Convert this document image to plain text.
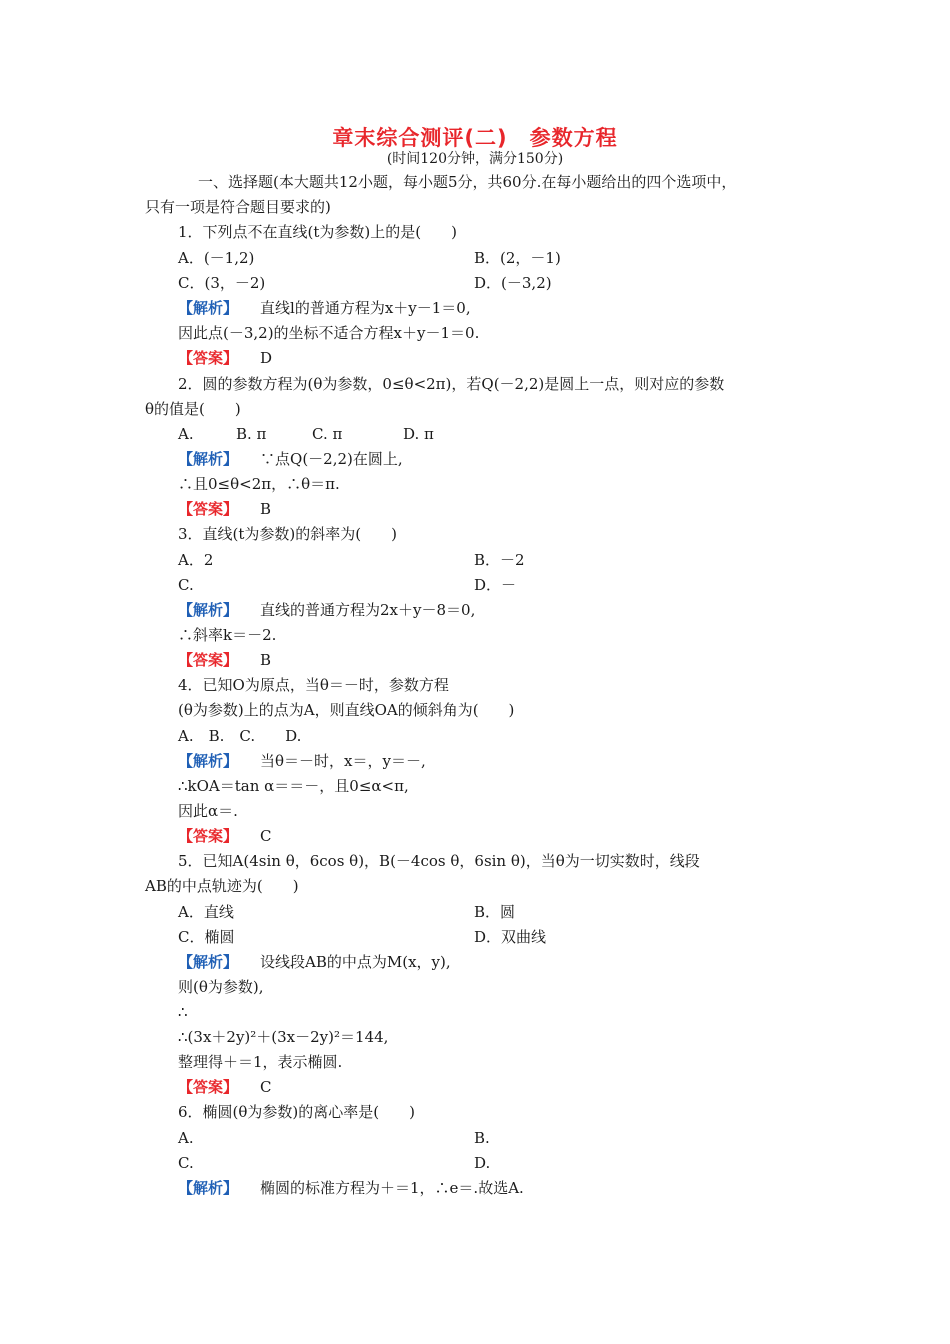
章末综合测评(二)　参数方程
(时间120分钟，满分150分)
一、选择题(本大题共12小题，每小题5分，共60分.在每小题给出的四个选项中，
只有一项是符合题目要求的)
1．下列点不在直线(t为参数)上的是(　　)
A．(－1,2)	B．(2，－1)
C．(3，－2)	D．(－3,2)
【解析】 直线l的普通方程为x＋y－1＝0,
因此点(－3,2)的坐标不适合方程x＋y－1＝0.
【答案】 D
2．圆的参数方程为(θ为参数，0≤θ<2π)，若Q(－2,2)是圆上一点，则对应的参数
θ的值是(　　)
A.	B. π	C. π	D. π
【解析】 ∵点Q(－2,2)在圆上,
∴且0≤θ<2π，∴θ＝π.
【答案】 B
3．直线(t为参数)的斜率为(　　)
A．2	B．－2
C.	D．－
【解析】 直线的普通方程为2x＋y－8＝0,
∴斜率k＝－2.
【答案】 B
4．已知O为原点，当θ＝－时，参数方程
(θ为参数)上的点为A，则直线OA的倾斜角为(　　)
A.　B.　C.　　D.
【解析】 当θ＝－时，x＝，y＝－,
∴kOA＝tan α＝＝－，且0≤α<π,
因此α＝.
【答案】 C
5．已知A(4sin θ，6cos θ)，B(－4cos θ，6sin θ)，当θ为一切实数时，线段
AB的中点轨迹为(　　)
A．直线	B．圆
C．椭圆	D．双曲线
【解析】 设线段AB的中点为M(x，y),
则(θ为参数),
∴
∴(3x＋2y)²＋(3x－2y)²＝144,
整理得＋＝1，表示椭圆.
【答案】 C
6．椭圆(θ为参数)的离心率是(　　)
A.	B.
C.	D.
【解析】 椭圆的标准方程为＋＝1，∴e＝.故选A.
